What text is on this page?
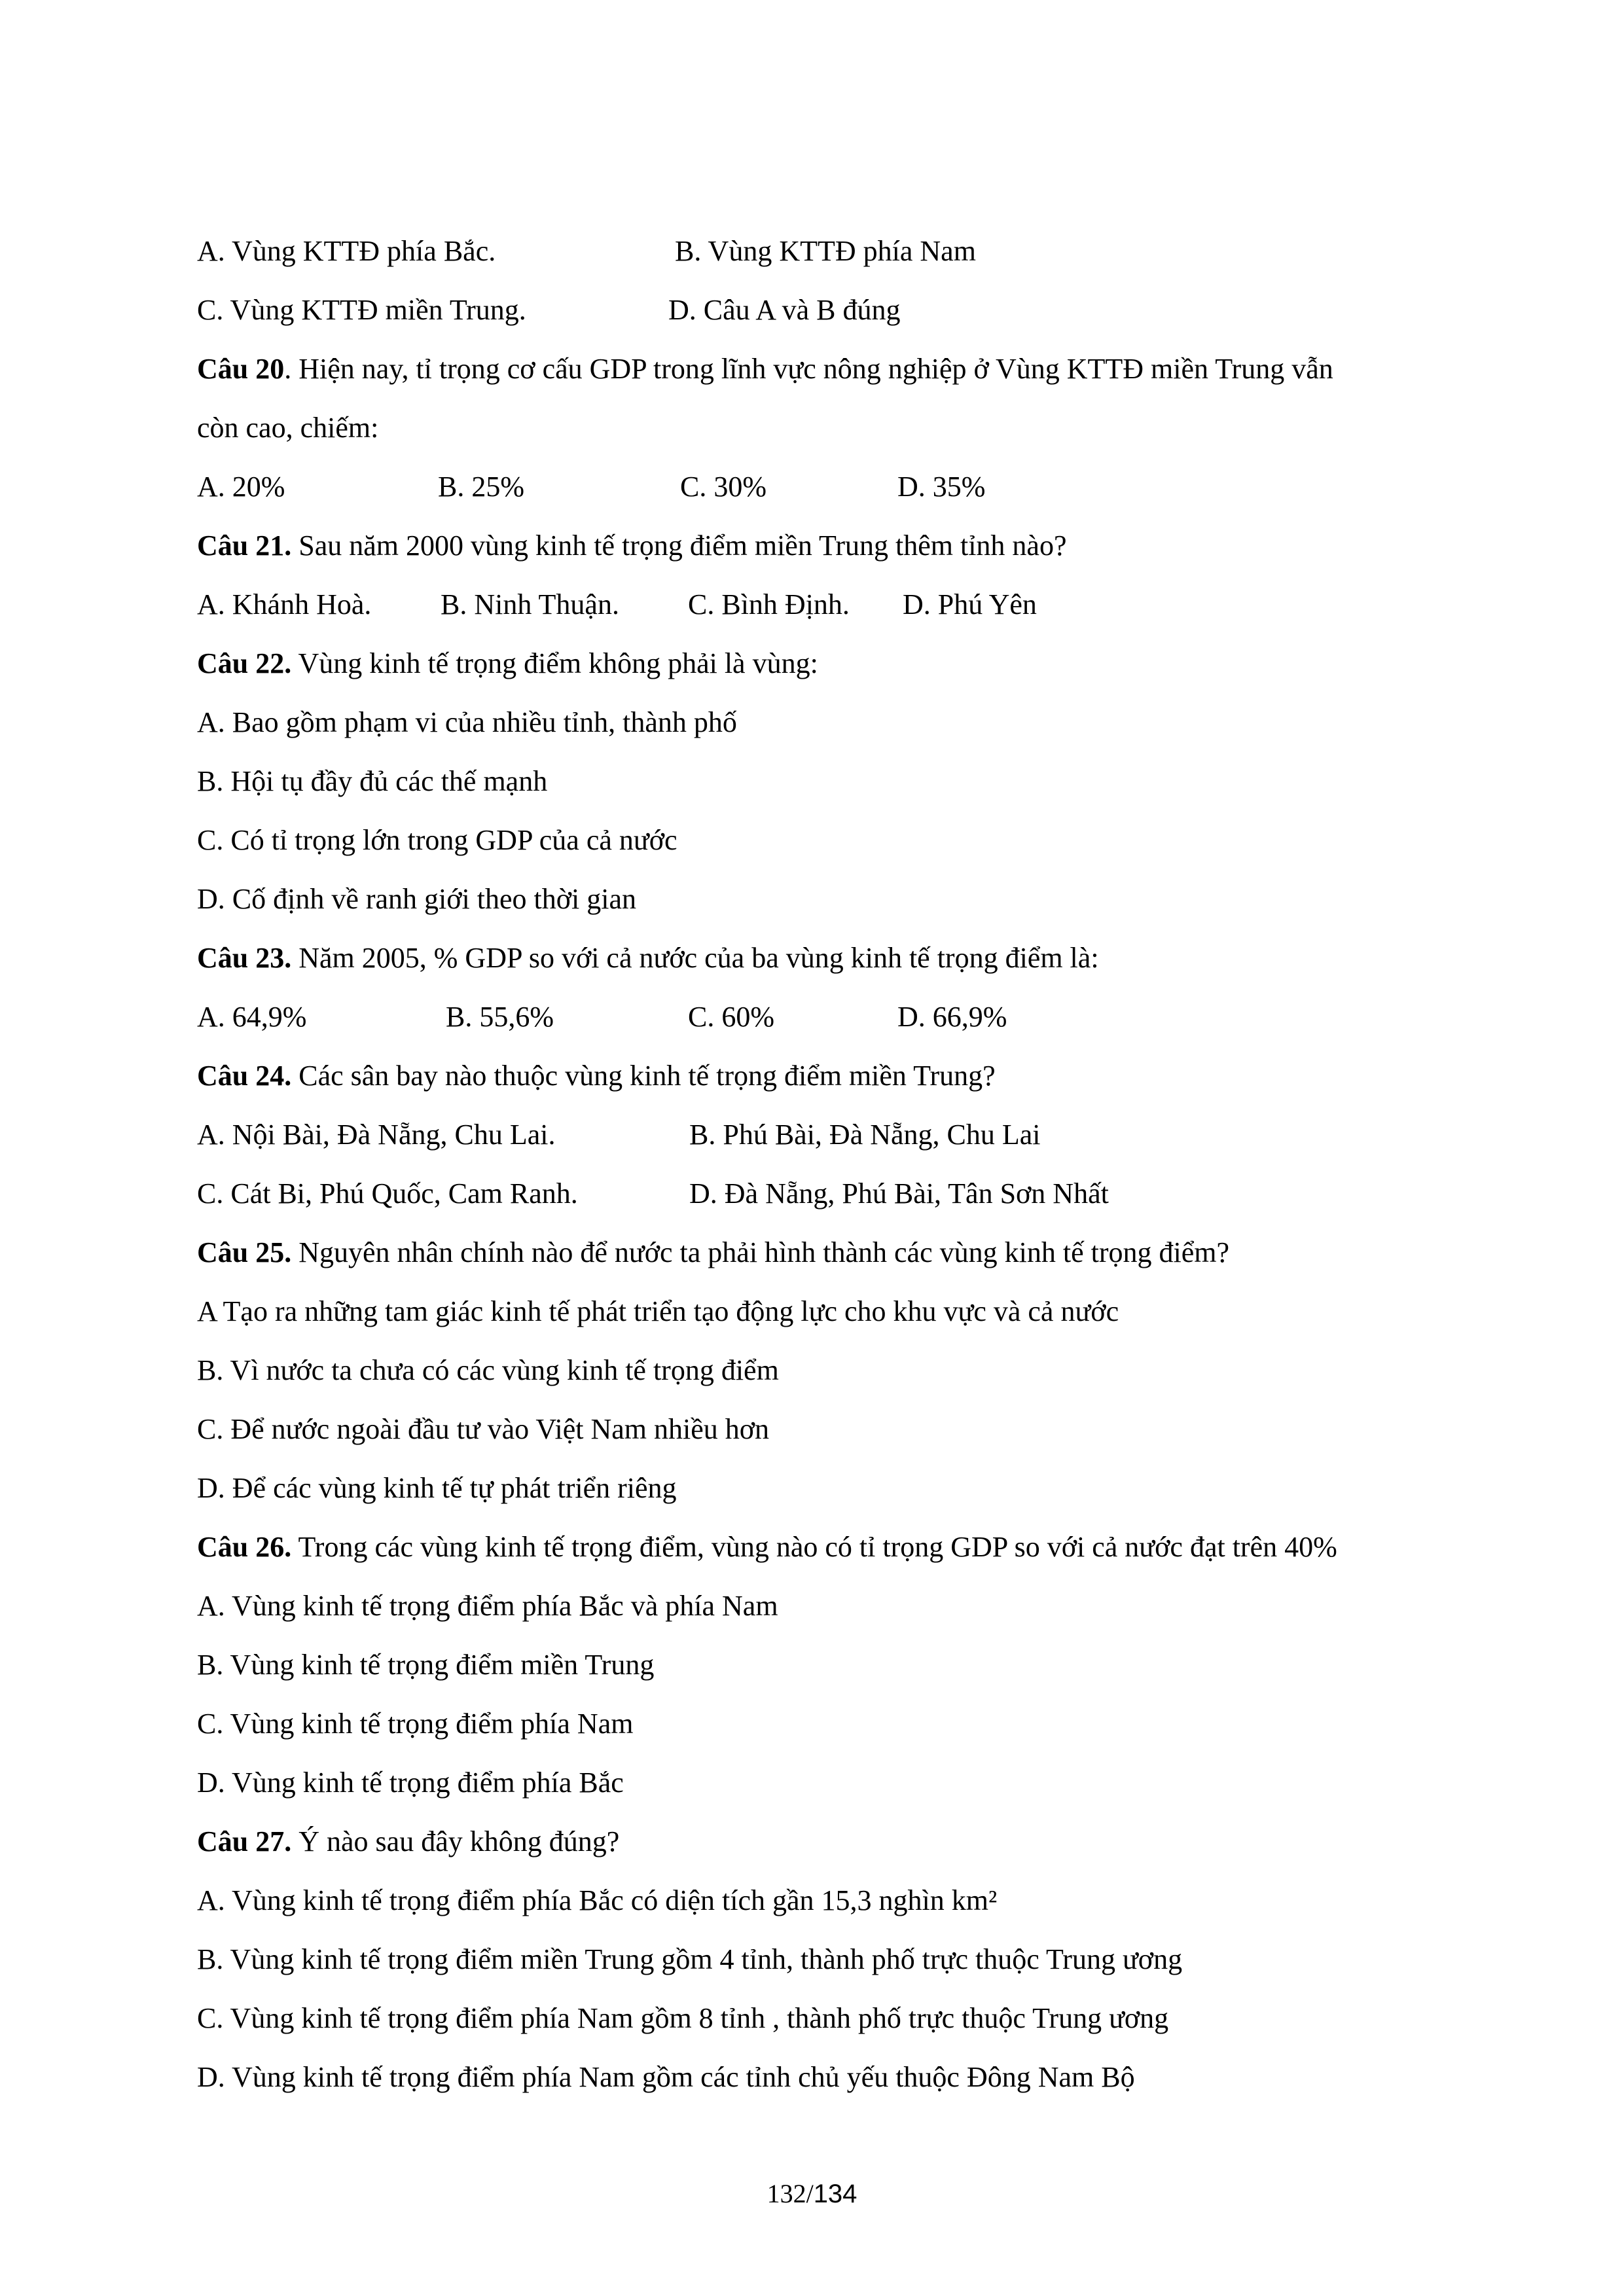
A. Vùng KTTĐ phía Bắc.	B. Vùng KTTĐ phía Nam
C. Vùng KTTĐ miền Trung.	D. Câu A và B đúng
Câu 20. Hiện nay, tỉ trọng cơ cấu GDP trong lĩnh vực nông nghiệp ở Vùng KTTĐ miền Trung vẫn
còn cao, chiếm:
A. 20%	B. 25%	C. 30%	D. 35%
Câu 21. Sau năm 2000 vùng kinh tế trọng điểm miền Trung thêm tỉnh nào?
A. Khánh Hoà. B. Ninh Thuận. C. Bình Định. D. Phú Yên
Câu 22. Vùng kinh tế trọng điểm không phải là vùng:
A. Bao gồm phạm vi của nhiều tỉnh, thành phố
B. Hội tụ đầy đủ các thế mạnh
C. Có tỉ trọng lớn trong GDP của cả nước
D. Cố định về ranh giới theo thời gian
Câu 23. Năm 2005, % GDP so với cả nước của ba vùng kinh tế trọng điểm là:
A. 64,9%	B. 55,6%	C. 60%	D. 66,9%
Câu 24. Các sân bay nào thuộc vùng kinh tế trọng điểm miền Trung?
A. Nội Bài, Đà Nẵng, Chu Lai.	B. Phú Bài, Đà Nẵng, Chu Lai
C. Cát Bi, Phú Quốc, Cam Ranh.	D. Đà Nẵng, Phú Bài, Tân Sơn Nhất
Câu 25. Nguyên nhân chính nào để nước ta phải hình thành các vùng kinh tế trọng điểm?
A Tạo ra những tam giác kinh tế phát triển tạo động lực cho khu vực và cả nước
B. Vì nước ta chưa có các vùng kinh tế trọng điểm
C. Để nước ngoài đầu tư vào Việt Nam nhiều hơn
D. Để các vùng kinh tế tự phát triển riêng
Câu 26. Trong các vùng kinh tế trọng điểm, vùng nào có tỉ trọng GDP so với cả nước đạt trên 40%
A. Vùng kinh tế trọng điểm phía Bắc và phía Nam
B. Vùng kinh tế trọng điểm miền Trung
C. Vùng kinh tế trọng điểm phía Nam
D. Vùng kinh tế trọng điểm phía Bắc
Câu 27. Ý nào sau đây không đúng?
A. Vùng kinh tế trọng điểm phía Bắc có diện tích gần 15,3 nghìn km²
B. Vùng kinh tế trọng điểm miền Trung gồm 4 tỉnh, thành phố trực thuộc Trung ương
C. Vùng kinh tế trọng điểm phía Nam gồm 8 tỉnh , thành phố trực thuộc Trung ương
D. Vùng kinh tế trọng điểm phía Nam gồm các tỉnh chủ yếu thuộc Đông Nam Bộ
132/134
